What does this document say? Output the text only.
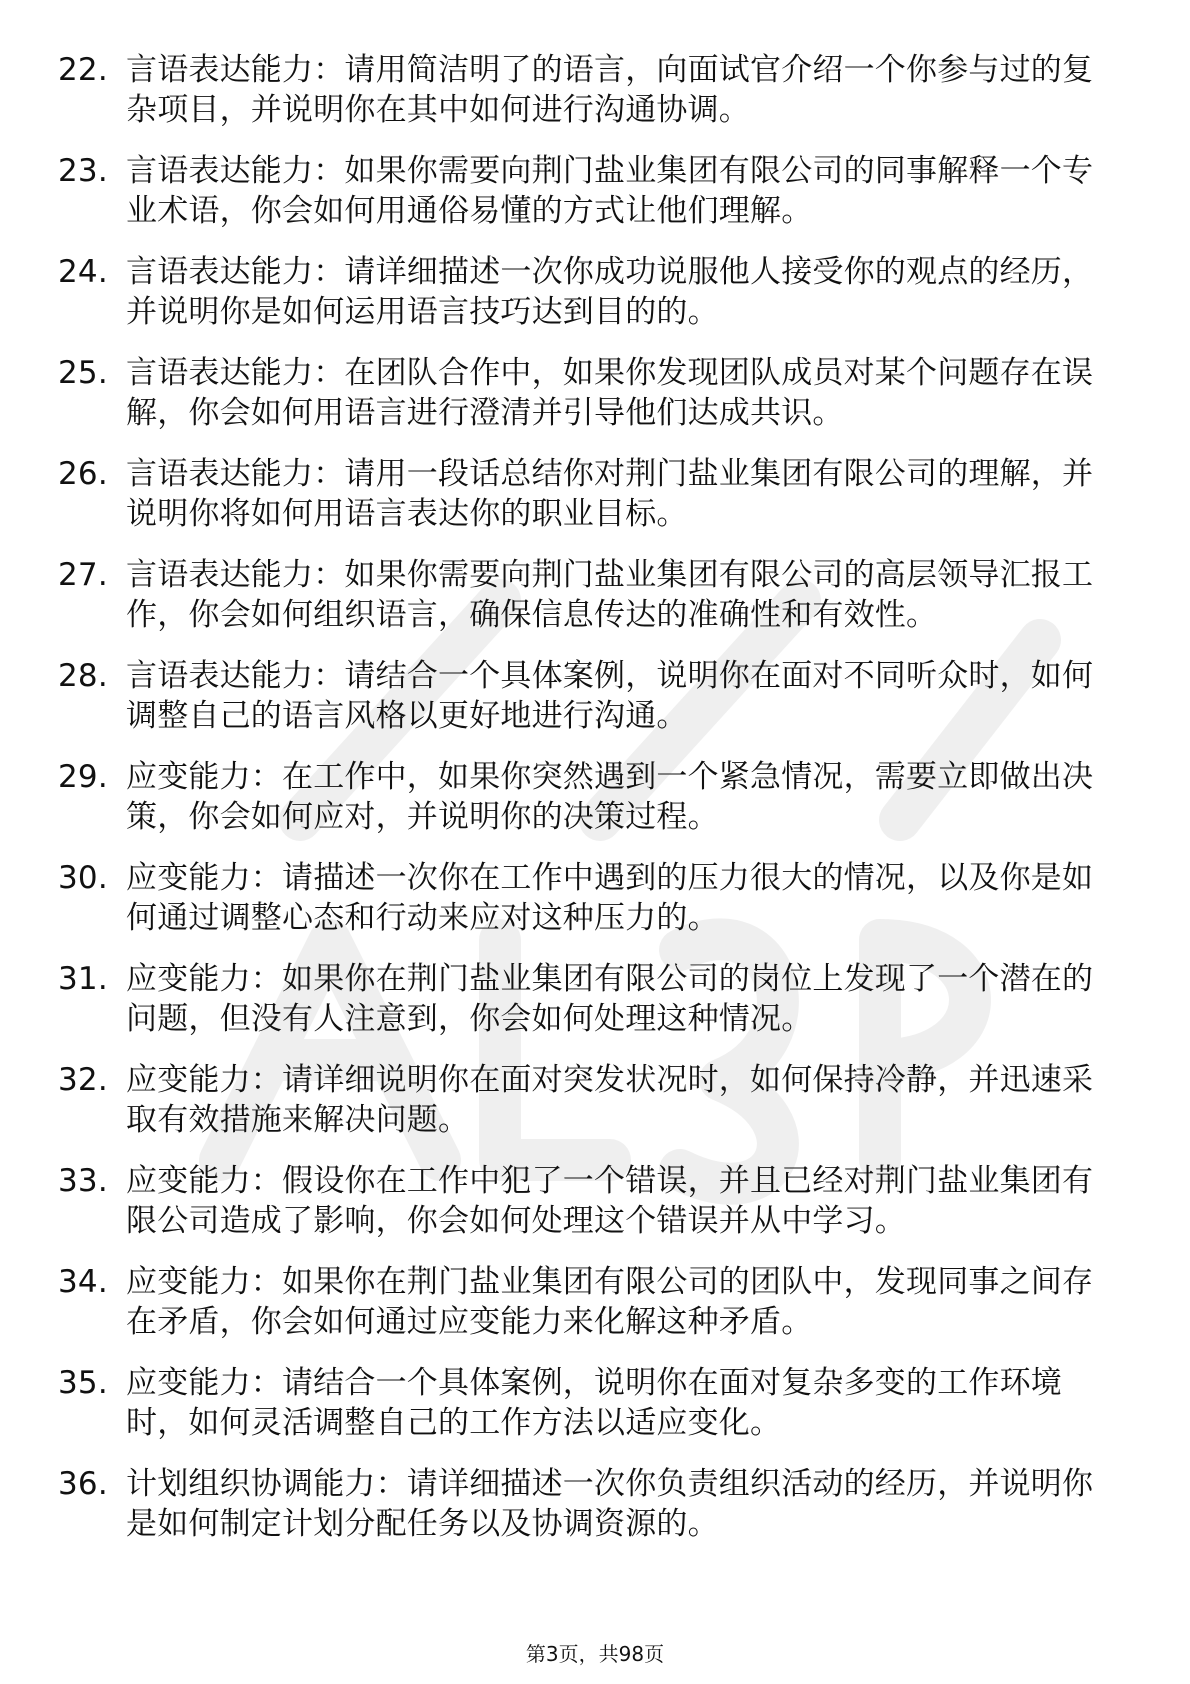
22. 言语表达能力：请用简洁明了的语言，向面试官介绍一个你参与过的复杂项目，并说明你在其中如何进行沟通协调。
23. 言语表达能力：如果你需要向荆门盐业集团有限公司的同事解释一个专业术语，你会如何用通俗易懂的方式让他们理解。
24. 言语表达能力：请详细描述一次你成功说服他人接受你的观点的经历，并说明你是如何运用语言技巧达到目的的。
25. 言语表达能力：在团队合作中，如果你发现团队成员对某个问题存在误解，你会如何用语言进行澄清并引导他们达成共识。
26. 言语表达能力：请用一段话总结你对荆门盐业集团有限公司的理解，并说明你将如何用语言表达你的职业目标。
27. 言语表达能力：如果你需要向荆门盐业集团有限公司的高层领导汇报工作，你会如何组织语言，确保信息传达的准确性和有效性。
28. 言语表达能力：请结合一个具体案例，说明你在面对不同听众时，如何调整自己的语言风格以更好地进行沟通。
29. 应变能力：在工作中，如果你突然遇到一个紧急情况，需要立即做出决策，你会如何应对，并说明你的决策过程。
30. 应变能力：请描述一次你在工作中遇到的压力很大的情况，以及你是如何通过调整心态和行动来应对这种压力的。
31. 应变能力：如果你在荆门盐业集团有限公司的岗位上发现了一个潜在的问题，但没有人注意到，你会如何处理这种情况。
32. 应变能力：请详细说明你在面对突发状况时，如何保持冷静，并迅速采取有效措施来解决问题。
33. 应变能力：假设你在工作中犯了一个错误，并且已经对荆门盐业集团有限公司造成了影响，你会如何处理这个错误并从中学习。
34. 应变能力：如果你在荆门盐业集团有限公司的团队中，发现同事之间存在矛盾，你会如何通过应变能力来化解这种矛盾。
35. 应变能力：请结合一个具体案例，说明你在面对复杂多变的工作环境时，如何灵活调整自己的工作方法以适应变化。
36. 计划组织协调能力：请详细描述一次你负责组织活动的经历，并说明你是如何制定计划分配任务以及协调资源的。
第3页，共98页
